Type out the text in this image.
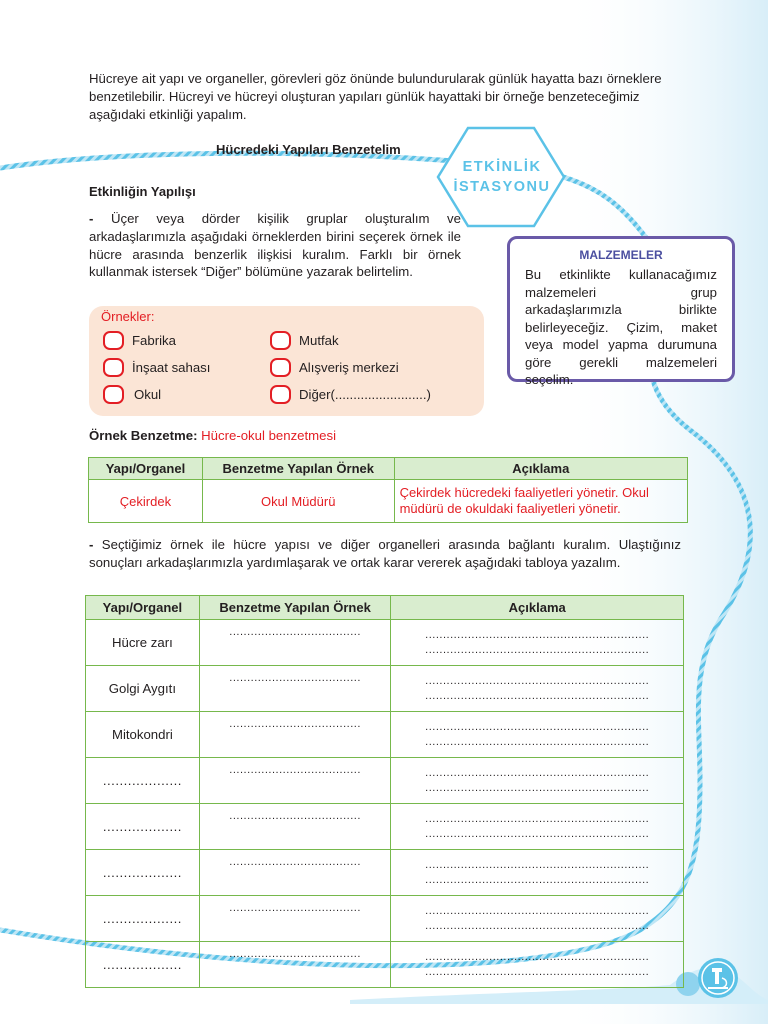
Hücreye ait yapı ve organeller, görevleri göz önünde bulundurularak günlük hayatta bazı örneklere benzetilebilir. Hücreyi ve hücreyi oluşturan yapıları günlük hayattaki bir örneğe benzeteceğimiz aşağıdaki etkinliği yapalım.

Hücredeki Yapıları Benzetelim
ETKİNLİK
İSTASYONU
Etkinliğin Yapılışı

- Üçer veya dörder kişilik gruplar oluşturalım ve arkadaşlarımızla aşağıdaki örneklerden birini seçerek örnek ile hücre arasında benzerlik ilişkisi kuralım. Farklı bir örnek kullanmak istersek “Diğer” bölümüne yazarak belirtelim.

Örnekler:
Fabrika
İnşaat sahası
Okul
Mutfak
Alışveriş merkezi
Diğer(.........................)
MALZEMELER

Bu etkinlikte kullanacağımız malzemeleri grup arkadaşlarımızla birlikte belirleyeceğiz. Çizim, maket veya model yapma durumuna göre gerekli malzemeleri seçelim.

Örnek Benzetme: Hücre-okul benzetmesi
Yapı/Organel	Benzetme Yapılan Örnek	Açıklama
Çekirdek	Okul Müdürü	Çekirdek hücredeki faaliyetleri yönetir. Okul müdürü de okuldaki faaliyetleri yönetir.

- Seçtiğimiz örnek ile hücre yapısı ve diğer organelleri arasında bağlantı kuralım. Ulaştığınız sonuçları arkadaşlarımızla yardımlaşarak ve ortak karar vererek aşağıdaki tabloya yazalım.

Yapı/Organel	Benzetme Yapılan Örnek	Açıklama
Hücre zarı	.....................................	...............................................................
...............................................................

Golgi Aygıtı	.....................................	...............................................................
...............................................................

Mitokondri	.....................................	...............................................................
...............................................................

...................	.....................................	...............................................................
...............................................................

...................	.....................................	...............................................................
...............................................................

...................	.....................................	...............................................................
...............................................................

...................	.....................................	...............................................................
...............................................................

...................	.....................................	...............................................................
...............................................................
